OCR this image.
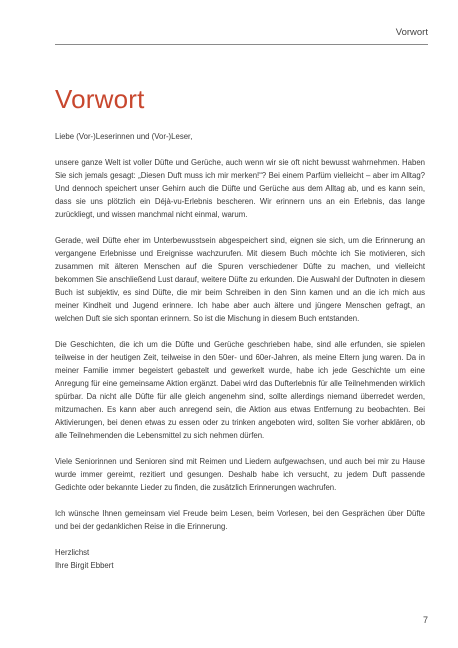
Vorwort
Vorwort

Liebe (Vor-)Leserinnen und (Vor-)Leser,

unsere ganze Welt ist voller Düfte und Gerüche, auch wenn wir sie oft nicht bewusst wahrnehmen. Haben Sie sich jemals gesagt: „Diesen Duft muss ich mir merken!“? Bei einem Parfüm vielleicht – aber im Alltag? Und dennoch speichert unser Gehirn auch die Düfte und Gerüche aus dem Alltag ab, und es kann sein, dass sie uns plötzlich ein Déjà-vu-Erlebnis bescheren. Wir erinnern uns an ein Erlebnis, das lange zurückliegt, und wissen manchmal nicht einmal, warum.

Gerade, weil Düfte eher im Unterbewusstsein abgespeichert sind, eignen sie sich, um die Erinnerung an vergangene Erlebnisse und Ereignisse wachzurufen. Mit diesem Buch möchte ich Sie motivieren, sich zusammen mit älteren Menschen auf die Spuren verschiedener Düfte zu machen, und vielleicht bekommen Sie anschließend Lust darauf, weitere Düfte zu erkunden. Die Auswahl der Duftnoten in diesem Buch ist subjektiv, es sind Düfte, die mir beim Schreiben in den Sinn kamen und an die ich mich aus meiner Kindheit und Jugend erinnere. Ich habe aber auch ältere und jüngere Menschen gefragt, an welchen Duft sie sich spontan erinnern. So ist die Mischung in diesem Buch entstanden.

Die Geschichten, die ich um die Düfte und Gerüche geschrieben habe, sind alle erfunden, sie spielen teilweise in der heutigen Zeit, teilweise in den 50er- und 60er-Jahren, als meine Eltern jung waren. Da in meiner Familie immer begeistert gebastelt und gewerkelt wurde, habe ich jede Geschichte um eine Anregung für eine gemeinsame Aktion ergänzt. Dabei wird das Dufterlebnis für alle Teilnehmenden wirklich spürbar. Da nicht alle Düfte für alle gleich angenehm sind, sollte allerdings niemand überredet werden, mitzumachen. Es kann aber auch anregend sein, die Aktion aus etwas Entfernung zu beobachten. Bei Aktivierungen, bei denen etwas zu essen oder zu trinken angeboten wird, sollten Sie vorher abklären, ob alle Teilnehmenden die Lebensmittel zu sich nehmen dürfen.

Viele Seniorinnen und Senioren sind mit Reimen und Liedern aufgewachsen, und auch bei mir zu Hause wurde immer gereimt, rezitiert und gesungen. Deshalb habe ich versucht, zu jedem Duft passende Gedichte oder bekannte Lieder zu finden, die zusätzlich Erinnerungen wachrufen.

Ich wünsche Ihnen gemeinsam viel Freude beim Lesen, beim Vorlesen, bei den Gesprächen über Düfte und bei der gedanklichen Reise in die Erinnerung.

Herzlichst

Ihre Birgit Ebbert

7
